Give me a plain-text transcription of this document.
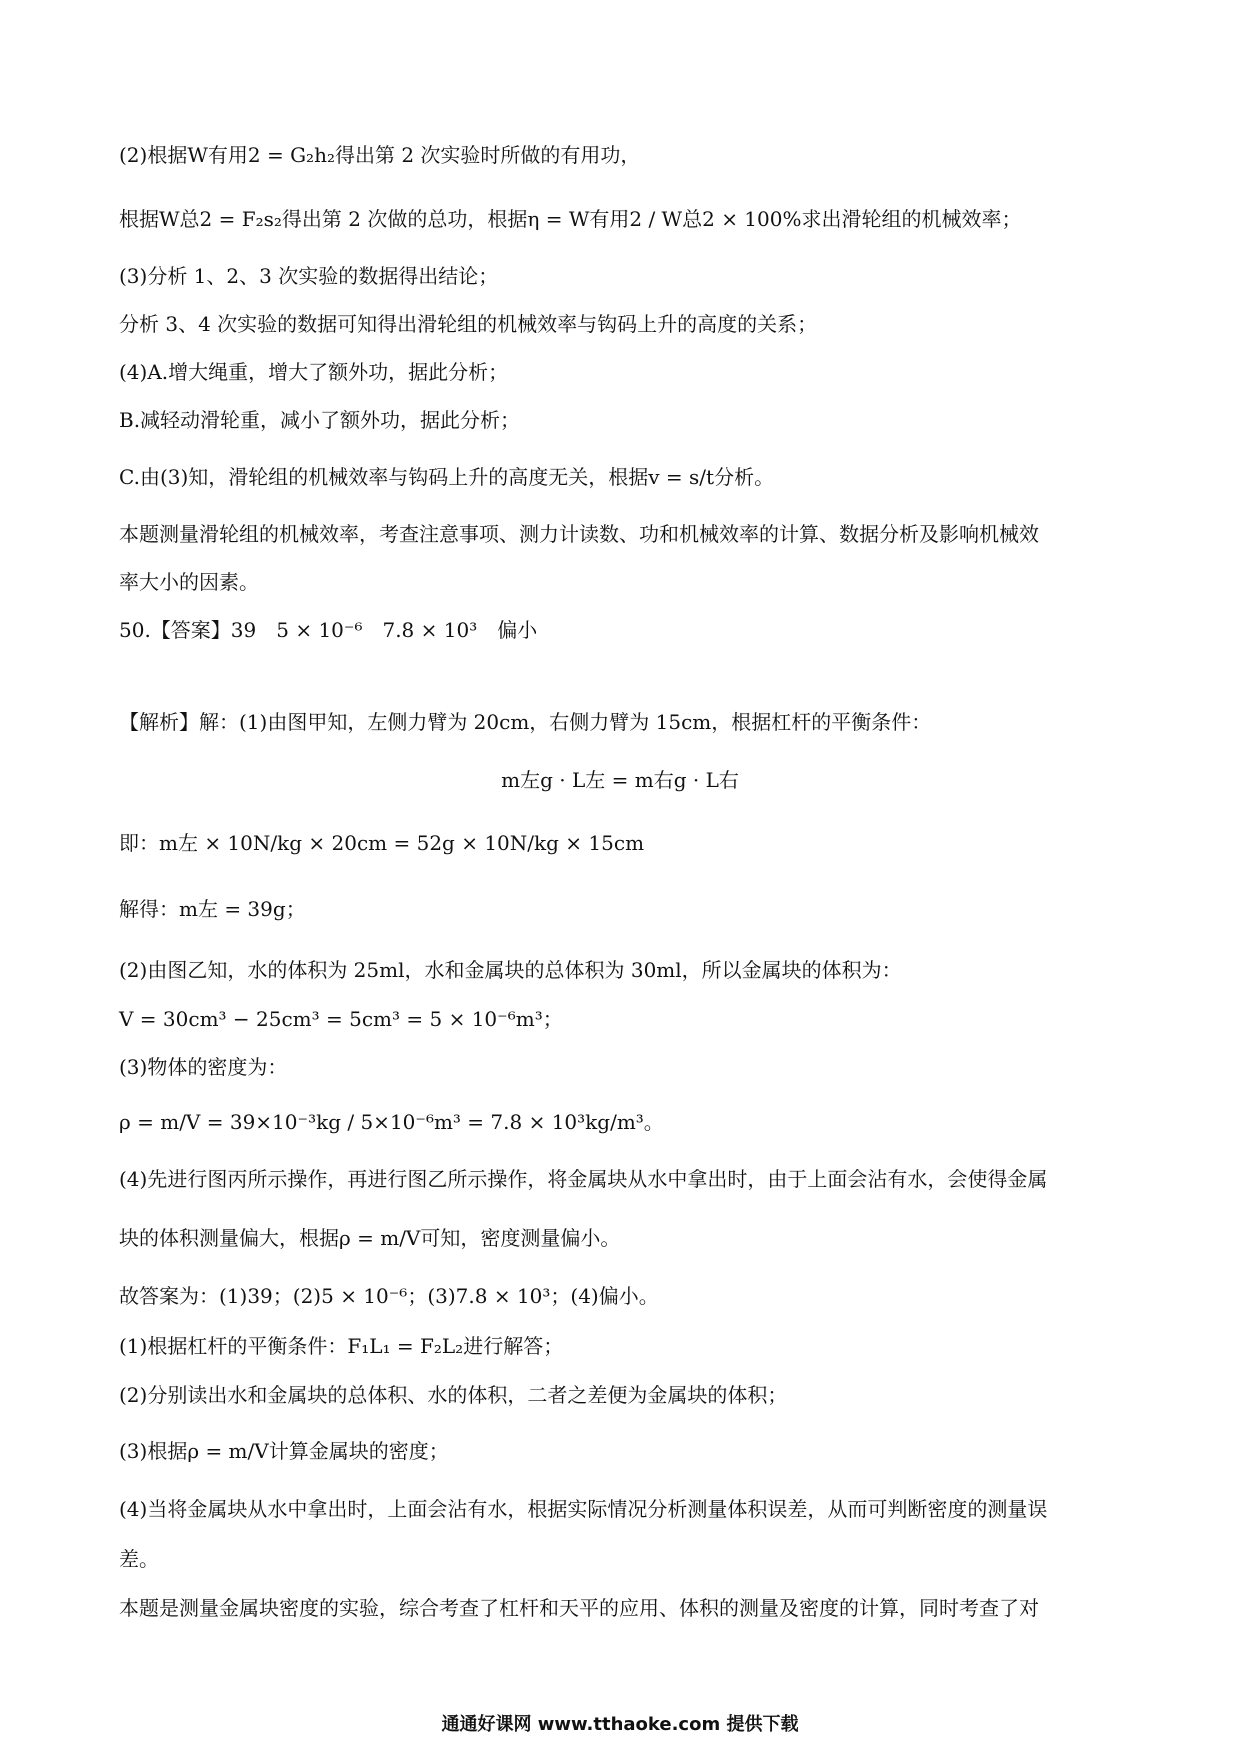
(2)根据W有用2 = G₂h₂得出第 2 次实验时所做的有用功，
根据W总2 = F₂s₂得出第 2 次做的总功，根据η = W有用2 / W总2 × 100%求出滑轮组的机械效率；
(3)分析 1、2、3 次实验的数据得出结论；
分析 3、4 次实验的数据可知得出滑轮组的机械效率与钩码上升的高度的关系；
(4)A.增大绳重，增大了额外功，据此分析；
B.减轻动滑轮重，减小了额外功，据此分析；
C.由(3)知，滑轮组的机械效率与钩码上升的高度无关，根据v = s/t分析。
本题测量滑轮组的机械效率，考查注意事项、测力计读数、功和机械效率的计算、数据分析及影响机械效
率大小的因素。
50.【答案】39　5 × 10⁻⁶　7.8 × 10³　偏小
【解析】解：(1)由图甲知，左侧力臂为 20cm，右侧力臂为 15cm，根据杠杆的平衡条件：
m左g · L左 = m右g · L右
即：m左 × 10N/kg × 20cm = 52g × 10N/kg × 15cm
解得：m左 = 39g；
(2)由图乙知，水的体积为 25ml，水和金属块的总体积为 30ml，所以金属块的体积为：
V = 30cm³ − 25cm³ = 5cm³ = 5 × 10⁻⁶m³；
(3)物体的密度为：
ρ = m/V = 39×10⁻³kg / 5×10⁻⁶m³ = 7.8 × 10³kg/m³。
(4)先进行图丙所示操作，再进行图乙所示操作，将金属块从水中拿出时，由于上面会沾有水，会使得金属
块的体积测量偏大，根据ρ = m/V可知，密度测量偏小。
故答案为：(1)39；(2)5 × 10⁻⁶；(3)7.8 × 10³；(4)偏小。
(1)根据杠杆的平衡条件：F₁L₁ = F₂L₂进行解答；
(2)分别读出水和金属块的总体积、水的体积，二者之差便为金属块的体积；
(3)根据ρ = m/V计算金属块的密度；
(4)当将金属块从水中拿出时，上面会沾有水，根据实际情况分析测量体积误差，从而可判断密度的测量误
差。
本题是测量金属块密度的实验，综合考查了杠杆和天平的应用、体积的测量及密度的计算，同时考查了对
通通好课网 www.tthaoke.com 提供下载
